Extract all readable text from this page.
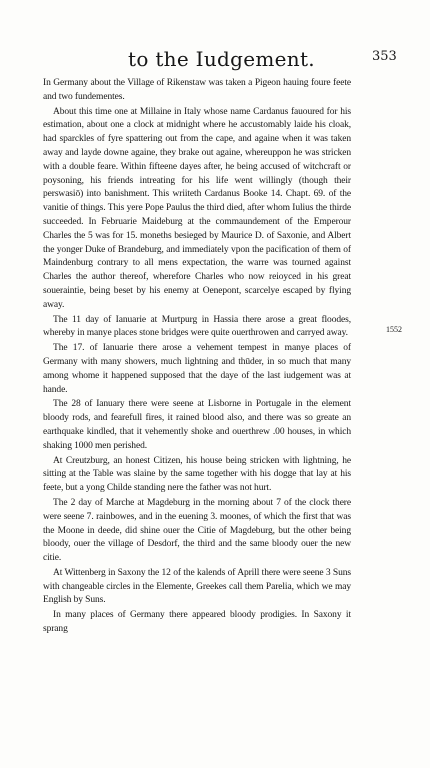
to the Iudgement.	353
1552

In Germany about the Village of Rikenstaw was taken a Pigeon hauing foure feete and two fundementes.

About this time one at Millaine in Italy whose name Cardanus fauoured for his estimation, about one a clock at midnight where he accustomably laide his cloak, had sparckles of fyre spattering out from the cape, and againe when it was taken away and layde downe againe, they brake out againe, whereuppon he was stricken with a double feare. Within fifteene dayes after, he being accused of witchcraft or poysoning, his friends intreating for his life went willingly (though their perswasiō) into banishment. This wriiteth Cardanus Booke 14. Chapt. 69. of the vanitie of things. This yere Pope Paulus the third died, after whom Iulius the thirde succeeded. In Februarie Maideburg at the commaundement of the Emperour Charles the 5 was for 15. moneths besieged by Maurice D. of Saxonie, and Albert the yonger Duke of Brandeburg, and immediately vpon the pacification of them of Maindenburg contrary to all mens expectation, the warre was tourned against Charles the author thereof, wherefore Charles who now reioyced in his great soueraintie, being beset by his enemy at Oenepont, scarcelye escaped by flying away.

The 11 day of Ianuarie at Murtpurg in Hassia there arose a great floodes, whereby in manye places stone bridges were quite ouerthrowen and carryed away.

The 17. of Ianuarie there arose a vehement tempest in manye places of Germany with many showers, much lightning and thūder, in so much that many among whome it happened supposed that the daye of the last iudgement was at hande.

The 28 of Ianuary there were seene at Lisborne in Portugale in the element bloody rods, and fearefull fires, it rained blood also, and there was so greate an earthquake kindled, that it vehemently shoke and ouerthrew .00 houses, in which shaking 1000 men perished.

At Creutzburg, an honest Citizen, his house being stricken with lightning, he sitting at the Table was slaine by the same together with his dogge that lay at his feete, but a yong Childe standing nere the father was not hurt.

The 2 day of Marche at Magdeburg in the morning about 7 of the clock there were seene 7. rainbowes, and in the euening 3. moones, of which the first that was the Moone in deede, did shine ouer the Citie of Magdeburg, but the other being bloody, ouer the village of Desdorf, the third and the same bloody ouer the new citie.

At Wittenberg in Saxony the 12 of the kalends of Aprill there were seene 3 Suns with changeable circles in the Elemente, Greekes call them Parelia, which we may English by Suns.

In many places of Germany there appeared bloody prodigies. In Saxony it sprang
